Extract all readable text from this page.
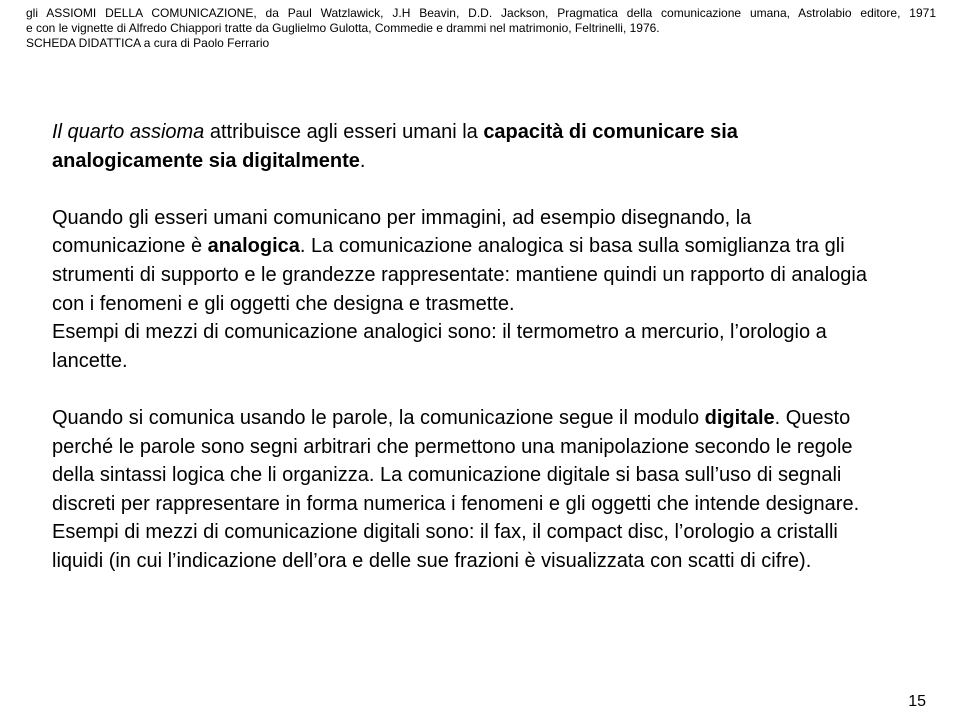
gli ASSIOMI DELLA COMUNICAZIONE, da Paul Watzlawick, J.H Beavin, D.D. Jackson, Pragmatica della comunicazione umana, Astrolabio editore, 1971
e con le vignette di Alfredo Chiappori tratte da Guglielmo Gulotta, Commedie e drammi nel matrimonio, Feltrinelli, 1976.
SCHEDA DIDATTICA a cura di Paolo Ferrario

Il quarto assioma attribuisce agli esseri umani la capacità di comunicare sia analogicamente sia digitalmente.

Quando gli esseri umani comunicano per immagini, ad esempio disegnando, la comunicazione è analogica. La comunicazione analogica si basa sulla somiglianza tra gli strumenti di supporto e le grandezze rappresentate: mantiene quindi un rapporto di analogia con i fenomeni e gli oggetti che designa e trasmette.

Esempi di mezzi di comunicazione analogici sono: il termometro a mercurio, l’orologio a lancette.

Quando si comunica usando le parole, la comunicazione segue il modulo digitale. Questo perché le parole sono segni arbitrari che permettono una manipolazione secondo le regole della sintassi logica che li organizza. La comunicazione digitale si basa sull’uso di segnali discreti per rappresentare in forma numerica i fenomeni e gli oggetti che intende designare.

Esempi di mezzi di comunicazione digitali sono: il fax, il compact disc, l’orologio a cristalli liquidi (in cui l’indicazione dell’ora e delle sue frazioni è visualizzata con scatti di cifre).

15
